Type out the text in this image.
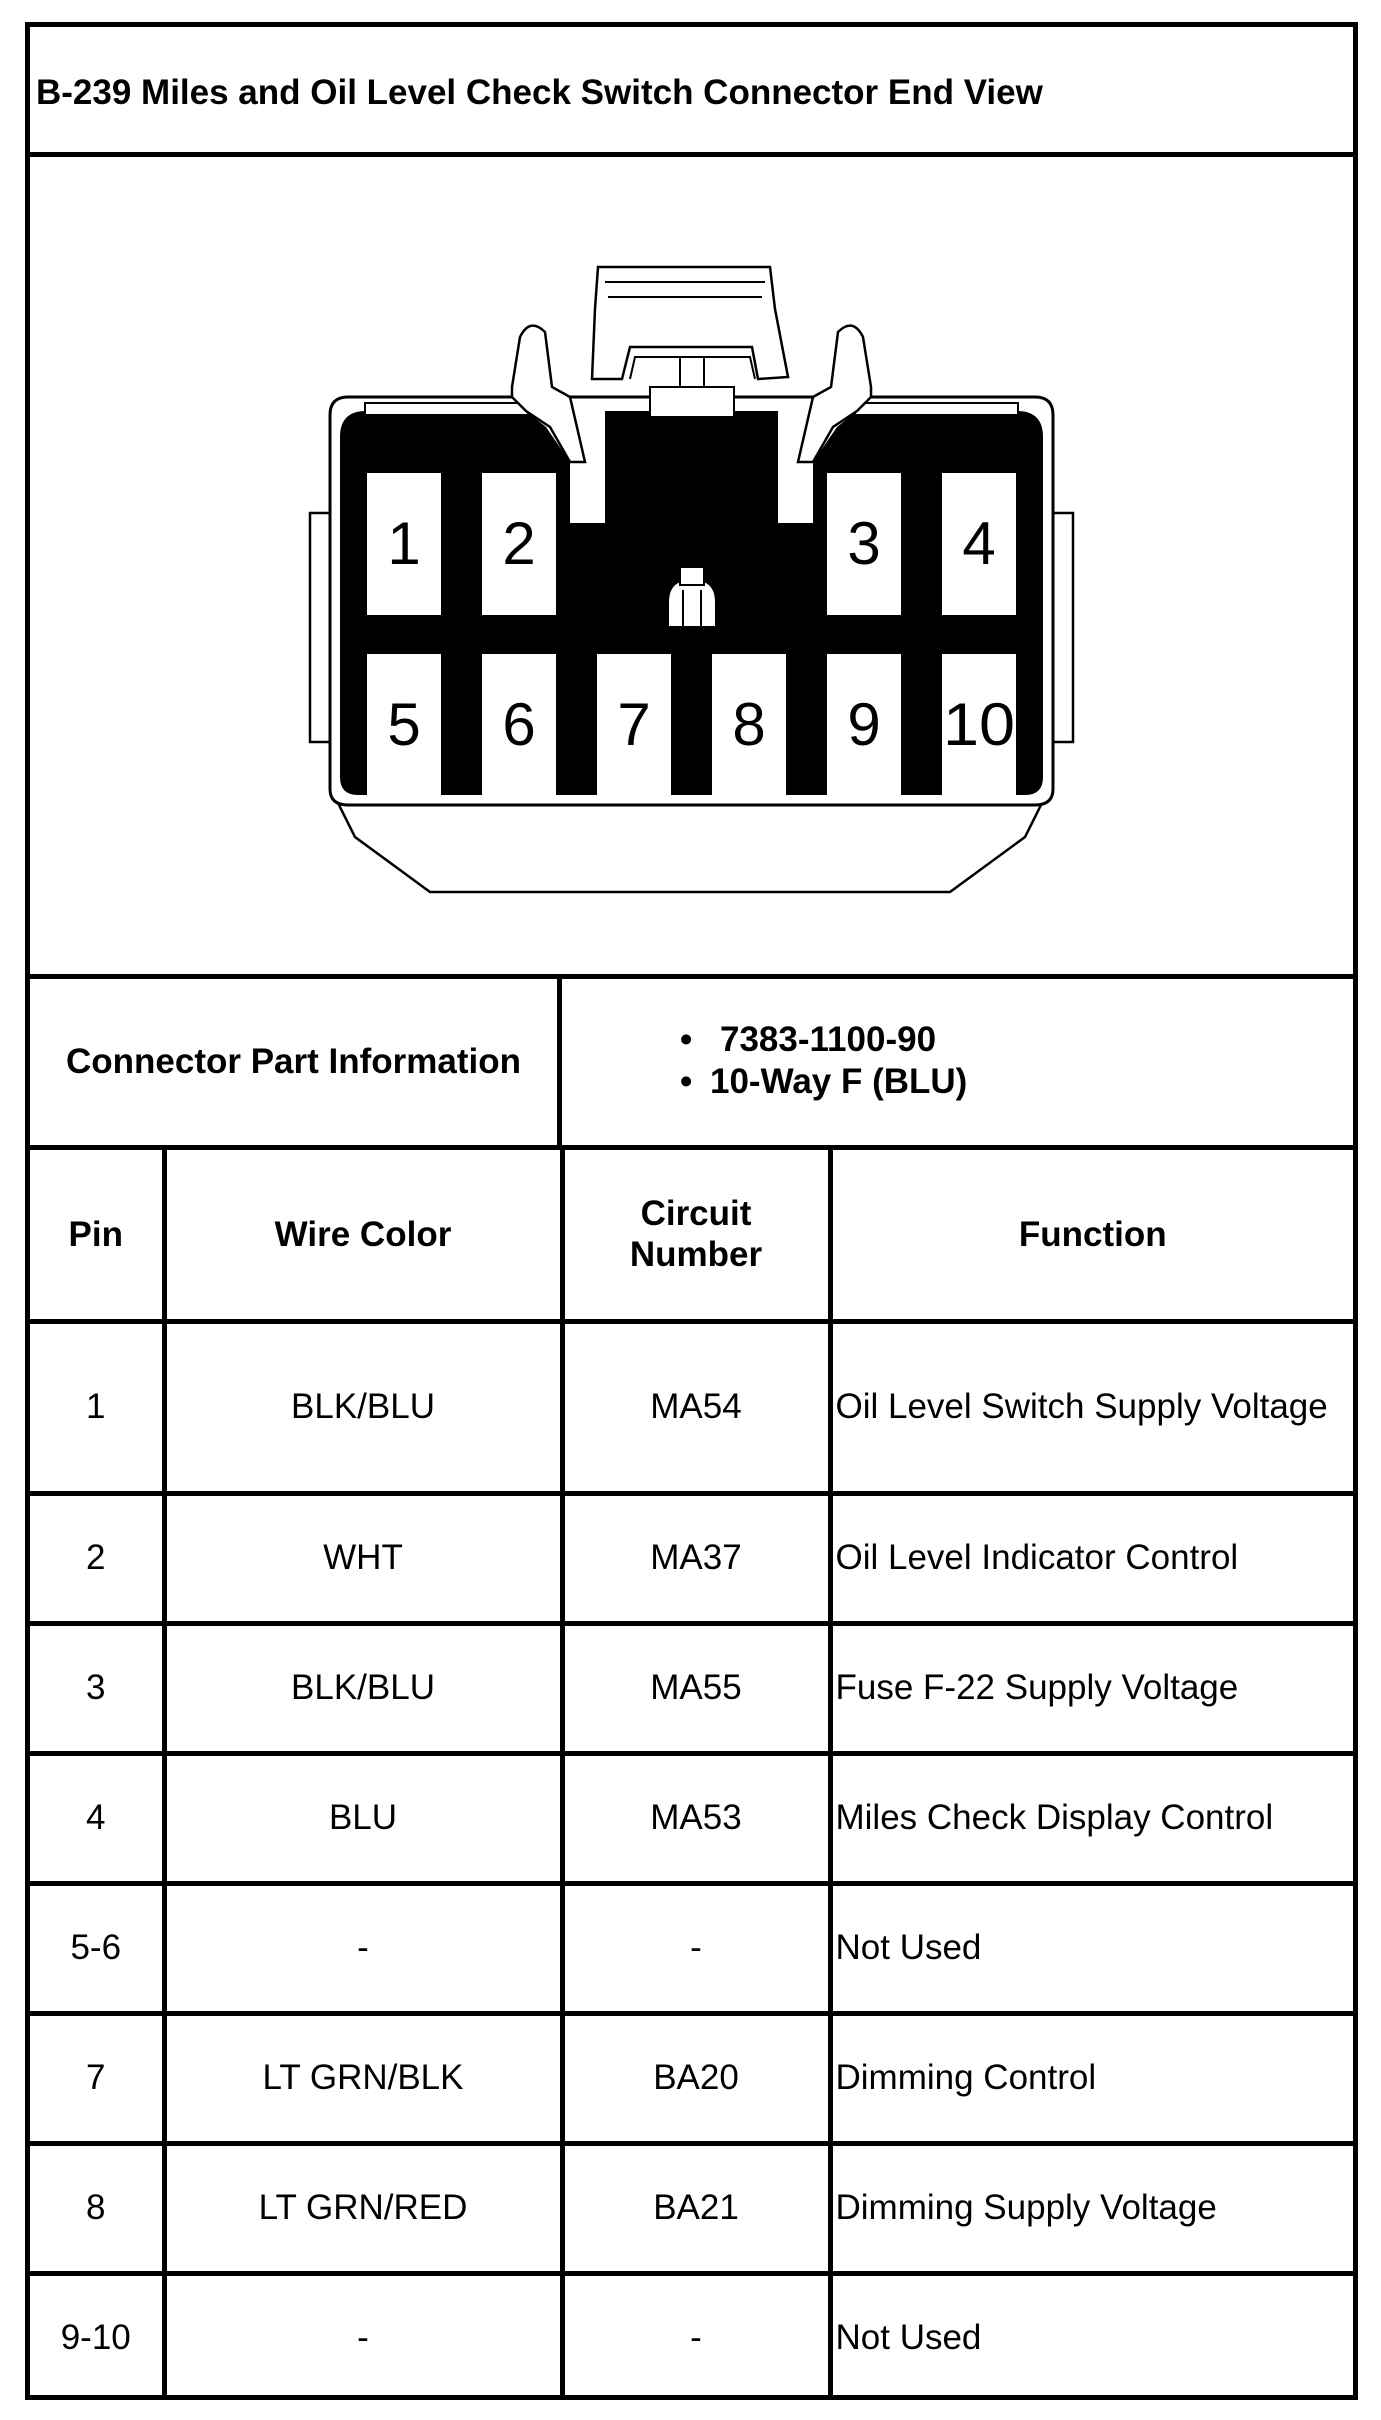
B-239 Miles and Oil Level Check Switch Connector End View
1 2	3 4
5 6 7 8 9 10
Connector Part Information
• 7383-1100-90
• 10-Way F (BLU)
Pin	Wire Color	Circuit
Number	Function
1	BLK/BLU	MA54	Oil Level Switch Supply Voltage
2	WHT	MA37	Oil Level Indicator Control
3	BLK/BLU	MA55	Fuse F-22 Supply Voltage
4	BLU	MA53	Miles Check Display Control
5-6	-	-	Not Used
7	LT GRN/BLK	BA20	Dimming Control
8	LT GRN/RED	BA21	Dimming Supply Voltage
9-10	-	-	Not Used
